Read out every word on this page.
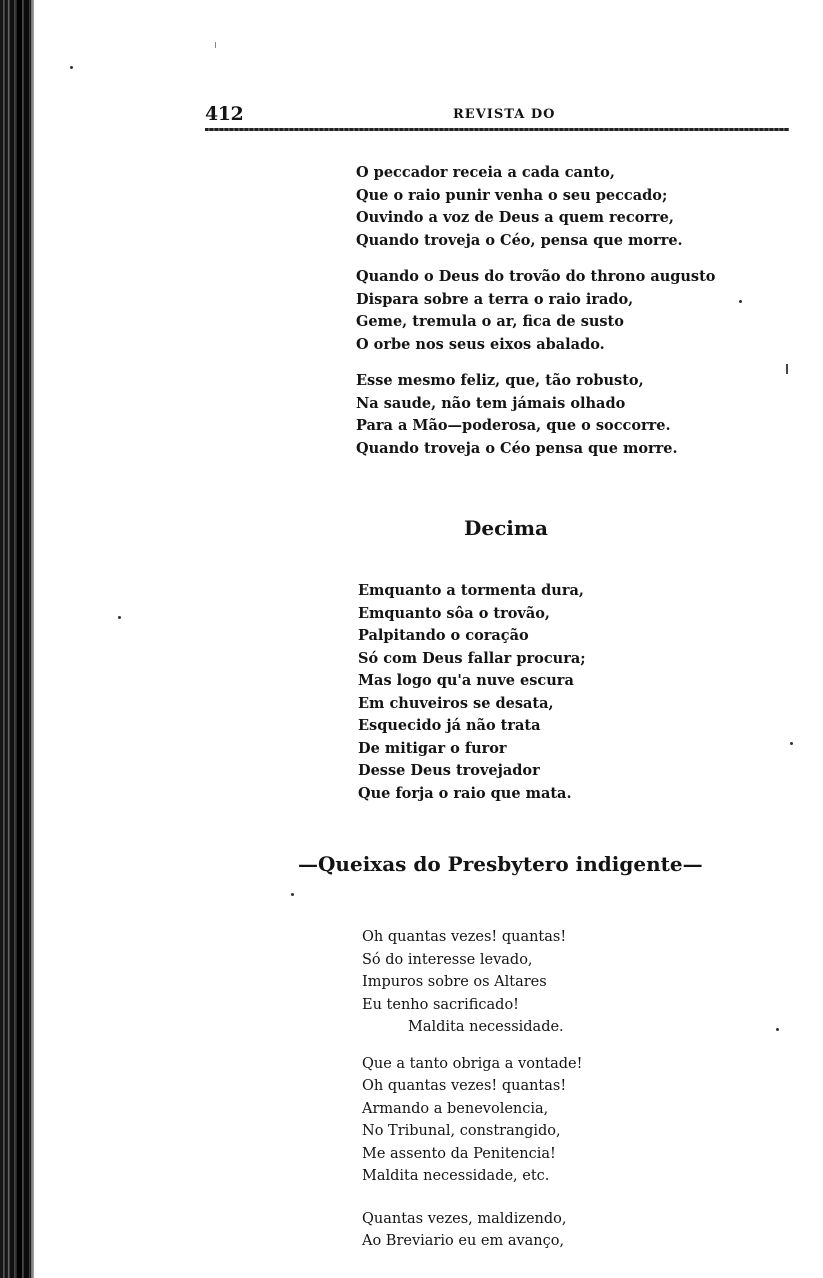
412	REVISTA DO
O peccador receia a cada canto,
Que o raio punir venha o seu peccado;
Ouvindo a voz de Deus a quem recorre,
Quando troveja o Céo, pensa que morre.
Quando o Deus do trovão do throno augusto
Dispara sobre a terra o raio irado,
Geme, tremula o ar, fica de susto
O orbe nos seus eixos abalado.
Esse mesmo feliz, que, tão robusto,
Na saude, não tem jámais olhado
Para a Mão—poderosa, que o soccorre.
Quando troveja o Céo pensa que morre.
Decima
Emquanto a tormenta dura,
Emquanto sôa o trovão,
Palpitando o coração
Só com Deus fallar procura;
Mas logo qu'a nuve escura
Em chuveiros se desata,
Esquecido já não trata
De mitigar o furor
Desse Deus trovejador
Que forja o raio que mata.
—Queixas do Presbytero indigente—
Oh quantas vezes! quantas!
Só do interesse levado,
Impuros sobre os Altares
Eu tenho sacrificado!
Maldita necessidade.
Que a tanto obriga a vontade!
Oh quantas vezes! quantas!
Armando a benevolencia,
No Tribunal, constrangido,
Me assento da Penitencia!
Maldita necessidade, etc.
Quantas vezes, maldizendo,
Ao Breviario eu em avanço,
